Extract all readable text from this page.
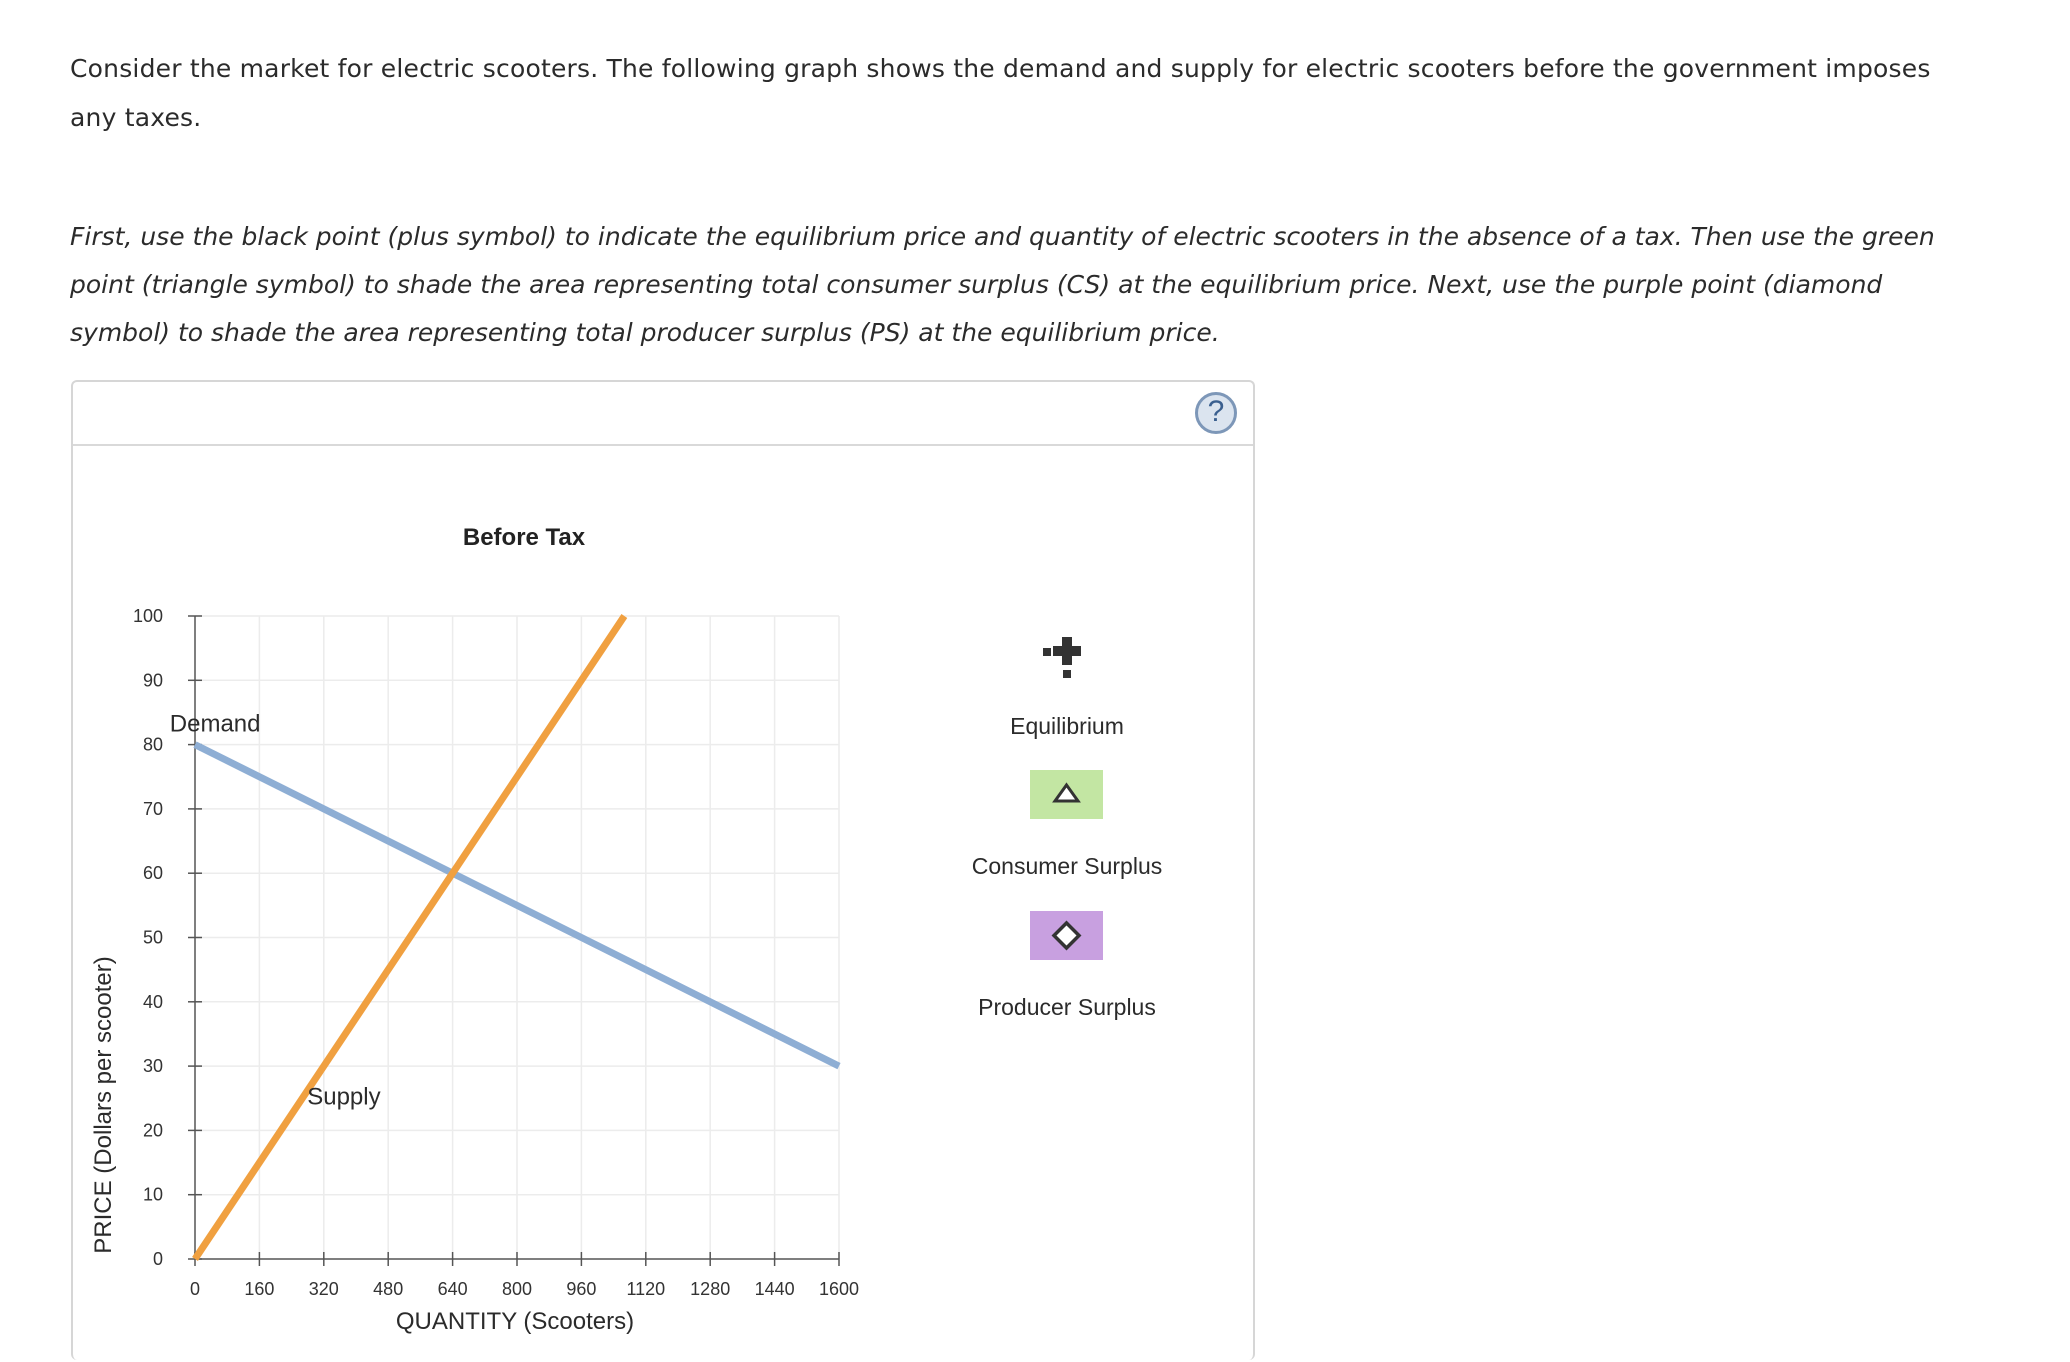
Consider the market for electric scooters. The following graph shows the demand and supply for electric scooters before the government imposes any taxes.

First, use the black point (plus symbol) to indicate the equilibrium price and quantity of electric scooters in the absence of a tax. Then use the green point (triangle symbol) to shade the area representing total consumer surplus (CS) at the equilibrium price. Next, use the purple point (diamond symbol) to shade the area representing total producer surplus (PS) at the equilibrium price.

?
Before Tax
0
10
20
30
40
50
60
70
80
90
100
0 160 320 480 640 800 960 1120 1280 1440 1600
Demand
Supply
QUANTITY (Scooters)
PRICE (Dollars per scooter)
Equilibrium
Consumer Surplus
Producer Surplus
